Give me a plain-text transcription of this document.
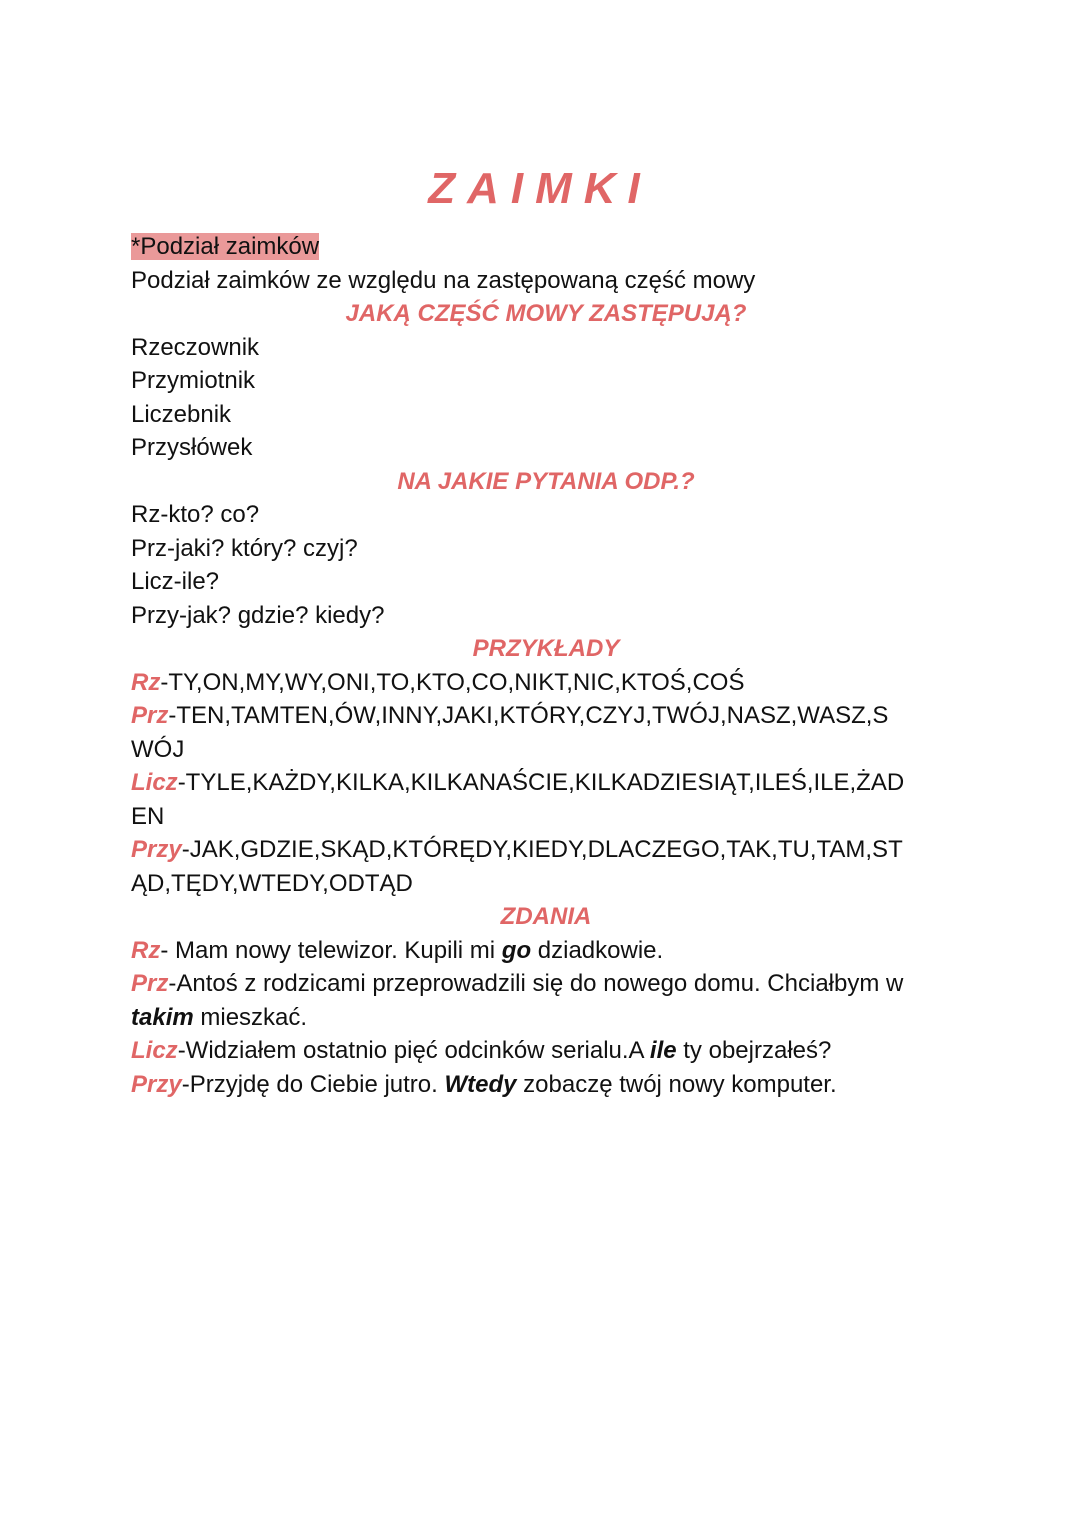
ZAIMKI

*Podział zaimków

Podział zaimków ze względu na zastępowaną część mowy

JAKĄ CZĘŚĆ MOWY ZASTĘPUJĄ?

Rzeczownik

Przymiotnik

Liczebnik

Przysłówek

NA JAKIE PYTANIA ODP.?

Rz-kto? co?

Prz-jaki? który? czyj?

Licz-ile?

Przy-jak? gdzie? kiedy?

PRZYKŁADY

Rz-TY,ON,MY,WY,ONI,TO,KTO,CO,NIKT,NIC,KTOŚ,COŚ

Prz-TEN,TAMTEN,ÓW,INNY,JAKI,KTÓRY,CZYJ,TWÓJ,NASZ,WASZ,S

WÓJ

Licz-TYLE,KAŻDY,KILKA,KILKANAŚCIE,KILKADZIESIĄT,ILEŚ,ILE,ŻAD

EN

Przy-JAK,GDZIE,SKĄD,KTÓRĘDY,KIEDY,DLACZEGO,TAK,TU,TAM,ST

ĄD,TĘDY,WTEDY,ODTĄD

ZDANIA

Rz- Mam nowy telewizor. Kupili mi go dziadkowie.

Prz-Antoś z rodzicami przeprowadzili się do nowego domu. Chciałbym w

takim mieszkać.

Licz-Widziałem ostatnio pięć odcinków serialu.A ile ty obejrzałeś?

Przy-Przyjdę do Ciebie jutro. Wtedy zobaczę twój nowy komputer.
